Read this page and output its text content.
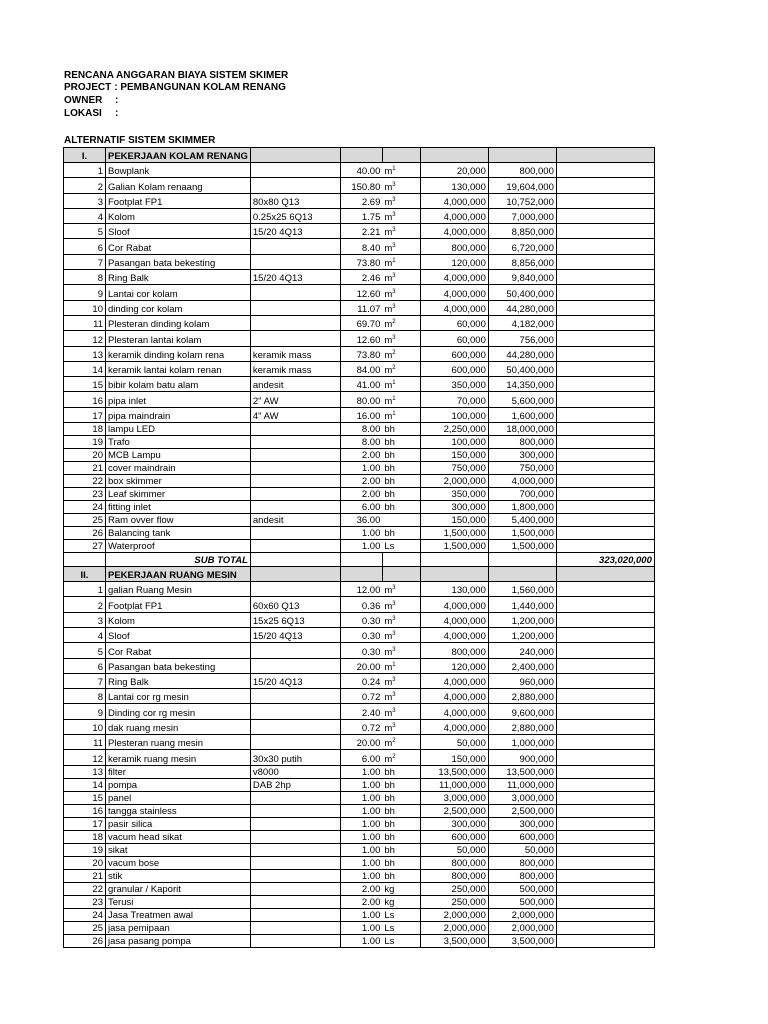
RENCANA ANGGARAN BIAYA SISTEM SKIMER
PROJECT : PEMBANGUNAN KOLAM RENANG
OWNER :
LOKASI :
ALTERNATIF SISTEM SKIMMER
I.	PEKERJAAN KOLAM RENANG						
1	Bowplank		40.00	$m^1$	20,000	800,000	
2	Galian Kolam renaang		150.80	$m^3$	130,000	19,604,000	
3	Footplat FP1	80x80 Q13	2.69	$m^3$	4,000,000	10,752,000	
4	Kolom	0.25x25 6Q13	1.75	$m^3$	4,000,000	7,000,000	
5	Sloof	15/20 4Q13	2.21	$m^3$	4,000,000	8,850,000	
6	Cor Rabat		8.40	$m^3$	800,000	6,720,000	
7	Pasangan bata bekesting		73.80	$m^1$	120,000	8,856,000	
8	Ring Balk	15/20 4Q13	2.46	$m^3$	4,000,000	9,840,000	
9	Lantai cor kolam		12.60	$m^3$	4,000,000	50,400,000	
10	dinding cor kolam		11.07	$m^3$	4,000,000	44,280,000	
11	Plesteran dinding kolam		69.70	$m^2$	60,000	4,182,000	
12	Plesteran lantai kolam		12.60	$m^3$	60,000	756,000	
13	keramik dinding kolam rena	keramik mass	73.80	$m^2$	600,000	44,280,000	
14	keramik lantai kolam renan	keramik mass	84.00	$m^2$	600,000	50,400,000	
15	bibir kolam batu alam	andesit	41.00	$m^1$	350,000	14,350,000	
16	pipa inlet	2" AW	80.00	$m^1$	70,000	5,600,000	
17	pipa maindrain	4" AW	16.00	$m^1$	100,000	1,600,000	
18	lampu LED		8.00	bh	2,250,000	18,000,000	
19	Trafo		8.00	bh	100,000	800,000	
20	MCB Lampu		2.00	bh	150,000	300,000	
21	cover maindrain		1.00	bh	750,000	750,000	
22	box skimmer		2.00	bh	2,000,000	4,000,000	
23	Leaf skimmer		2.00	bh	350,000	700,000	
24	fitting inlet		6.00	bh	300,000	1,800,000	
25	Ram ovver flow	andesit	36.00		150,000	5,400,000	
26	Balancing tank		1.00	bh	1,500,000	1,500,000	
27	Waterproof		1.00	Ls	1,500,000	1,500,000	
	SUB TOTAL						323,020,000
II.	PEKERJAAN RUANG MESIN						
1	galian Ruang Mesin		12.00	$m^3$	130,000	1,560,000	
2	Footplat FP1	60x60 Q13	0.36	$m^3$	4,000,000	1,440,000	
3	Kolom	15x25 6Q13	0.30	$m^3$	4,000,000	1,200,000	
4	Sloof	15/20 4Q13	0.30	$m^3$	4,000,000	1,200,000	
5	Cor Rabat		0.30	$m^3$	800,000	240,000	
6	Pasangan bata bekesting		20.00	$m^1$	120,000	2,400,000	
7	Ring Balk	15/20 4Q13	0.24	$m^3$	4,000,000	960,000	
8	Lantai cor rg mesin		0.72	$m^3$	4,000,000	2,880,000	
9	Dinding cor rg mesin		2.40	$m^3$	4,000,000	9,600,000	
10	dak ruang mesin		0.72	$m^3$	4,000,000	2,880,000	
11	Plesteran ruang mesin		20.00	$m^2$	50,000	1,000,000	
12	keramik ruang mesin	30x30 putih	6.00	$m^2$	150,000	900,000	
13	filter	v8000	1.00	bh	13,500,000	13,500,000	
14	pompa	DAB 2hp	1.00	bh	11,000,000	11,000,000	
15	panel		1.00	bh	3,000,000	3,000,000	
16	tangga stainless		1.00	bh	2,500,000	2,500,000	
17	pasir silica		1.00	bh	300,000	300,000	
18	vacum head sikat		1.00	bh	600,000	600,000	
19	sikat		1.00	bh	50,000	50,000	
20	vacum bose		1.00	bh	800,000	800,000	
21	stik		1.00	bh	800,000	800,000	
22	granular / Kaporit		2.00	kg	250,000	500,000	
23	Terusi		2.00	kg	250,000	500,000	
24	Jasa Treatmen awal		1.00	Ls	2,000,000	2,000,000	
25	jasa pemipaan		1.00	Ls	2,000,000	2,000,000	
26	jasa pasang pompa		1.00	Ls	3,500,000	3,500,000	
